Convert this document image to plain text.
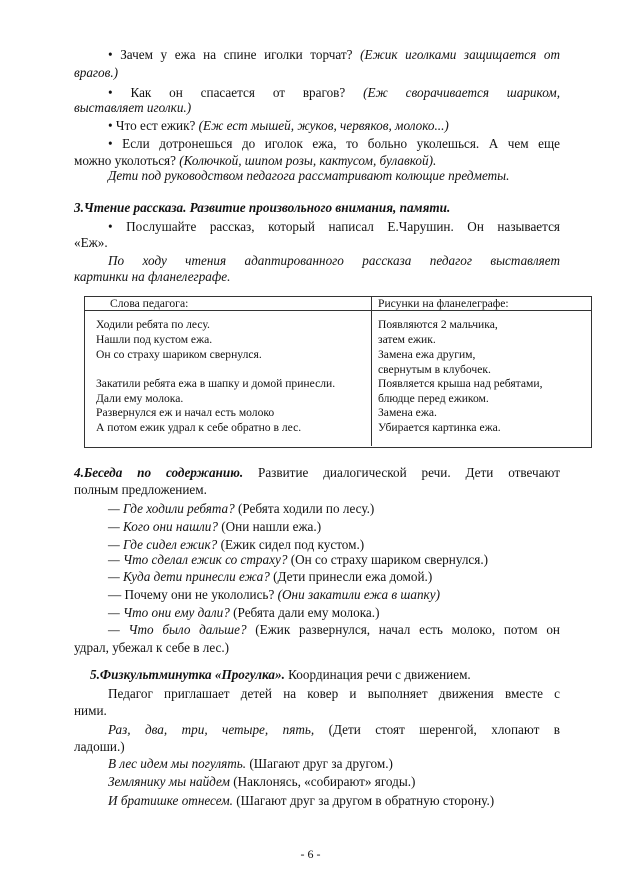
• Зачем у ежа на спине иголки торчат? (Ежик иголками защищается от
врагов.)
• Как он спасается от врагов? (Еж сворачивается шариком,
выставляет иголки.)
• Что ест ежик? (Еж ест мышей, жуков, червяков, молоко...)
• Если дотронешься до иголок ежа, то больно уколешься. А чем еще
можно уколоться? (Колючкой, шипом розы, кактусом, булавкой).
Дети под руководством педагога рассматривают колющие предметы.
3.Чтение рассказа. Развитие произвольного внимания, памяти.
• Послушайте рассказ, который написал Е.Чарушин. Он называется
«Еж».
По ходу чтения адаптированного рассказа педагог выставляет
картинки на фланелеграфе.
Слова педагога:	Рисунки на фланелеграфе:
Ходили ребята по лесу.
Нашли под кустом ежа.
Он со страху шариком свернулся.
Закатили ребята ежа в шапку и домой принесли.
Дали ему молока.
Развернулся еж и начал есть молоко
А потом ежик удрал к себе обратно в лес.
Появляются 2 мальчика,
затем ежик.
Замена ежа другим,
свернутым в клубочек.
Появляется крыша над ребятами,
блюдце перед ежиком.
Замена ежа.
Убирается картинка ежа.
4.Беседа по содержанию. Развитие диалогической речи. Дети отвечают
полным предложением.
— Где ходили ребята? (Ребята ходили по лесу.)
— Кого они нашли? (Они нашли ежа.)
— Где сидел ежик? (Ежик сидел под кустом.)
— Что сделал ежик со страху? (Он со страху шариком свернулся.)
— Куда дети принесли ежа? (Дети принесли ежа домой.)
— Почему они не укололись? (Они закатили ежа в шапку)
— Что они ему дали? (Ребята дали ему молока.)
— Что было дальше? (Ежик развернулся, начал есть молоко, потом он
удрал, убежал к себе в лес.)
5.Физкультминутка «Прогулка». Координация речи с движением.
Педагог приглашает детей на ковер и выполняет движения вместе с
ними.
Раз, два, три, четыре, пять, (Дети стоят шеренгой, хлопают в
ладоши.)
В лес идем мы погулять. (Шагают друг за другом.)
Землянику мы найдем (Наклонясь, «собирают» ягоды.)
И братишке отнесем. (Шагают друг за другом в обратную сторону.)
- 6 -
